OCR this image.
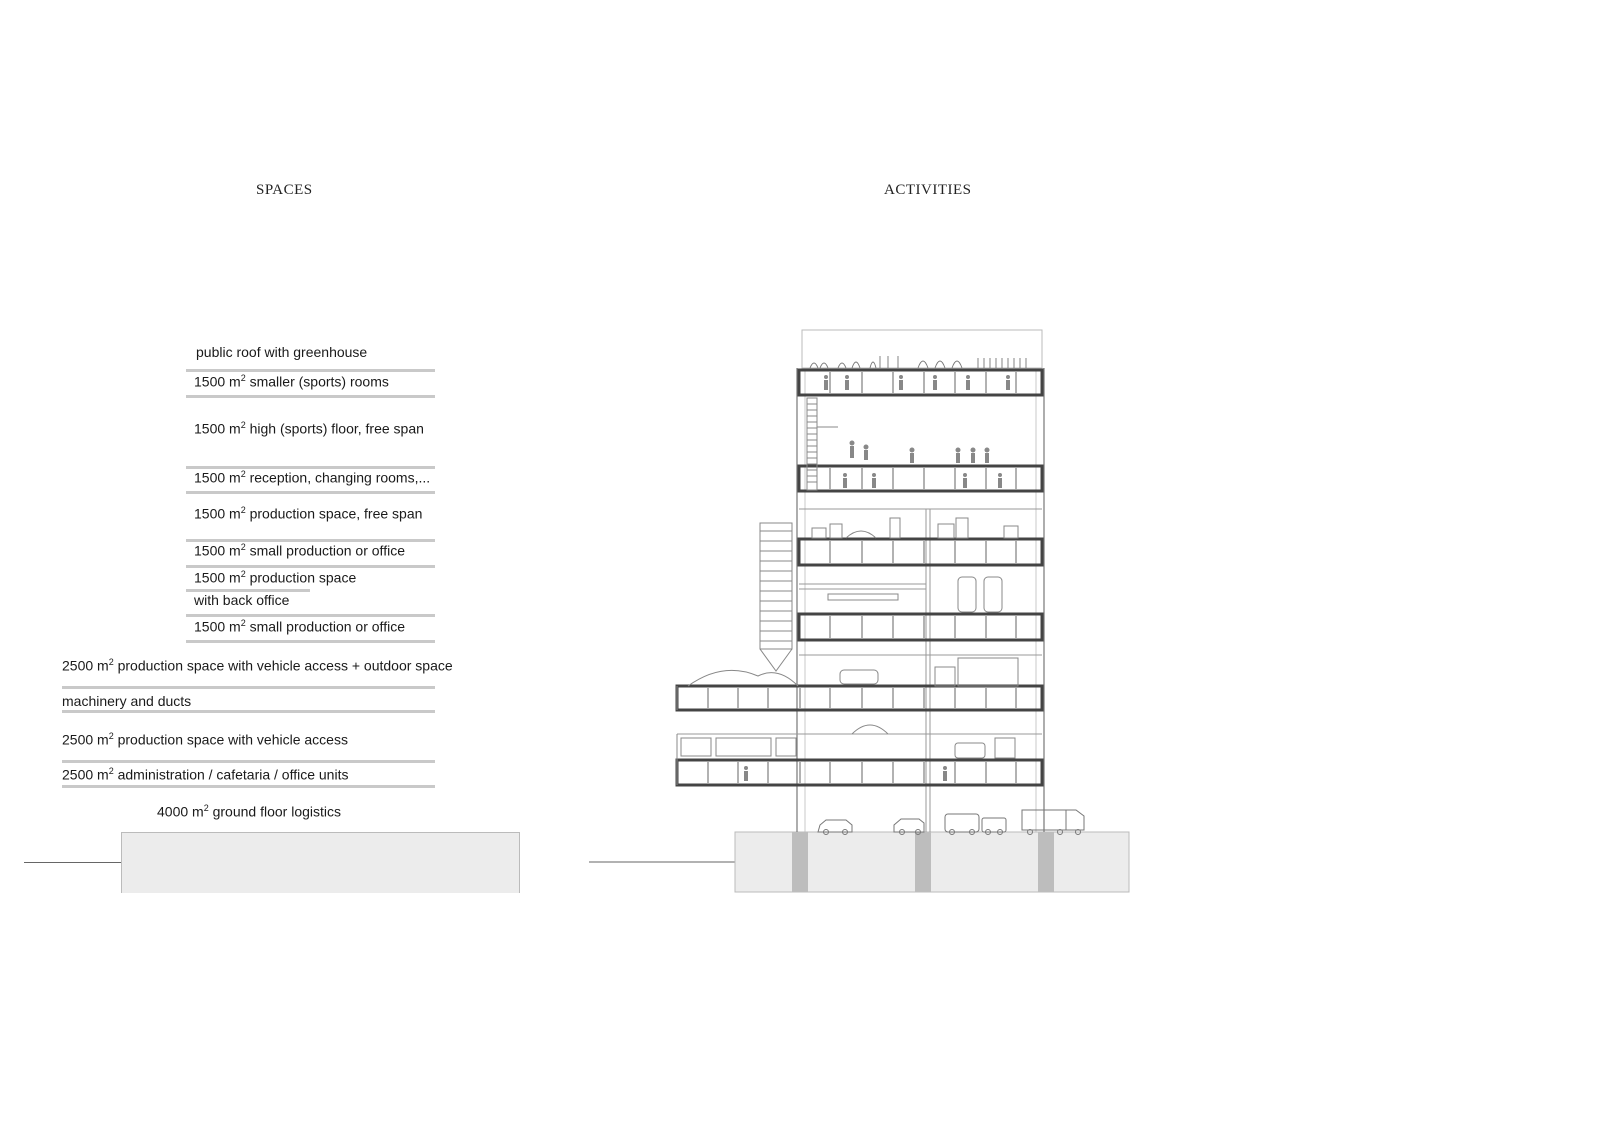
SPACES
public roof with greenhouse
1500 $m^2$ smaller (sports) rooms
1500 $m^2$ high (sports) floor, free span
1500 $m^2$ reception, changing rooms,...
1500 $m^2$ production space, free span
1500 $m^2$ small production or office
1500 $m^2$ production space
with back office
1500 $m^2$ small production or office
2500 $m^2$ production space with vehicle access + outdoor space
machinery and ducts
2500 $m^2$ production space with vehicle access
2500 $m^2$ administration / cafetaria / office units
4000 $m^2$ ground floor logistics
ACTIVITIES
